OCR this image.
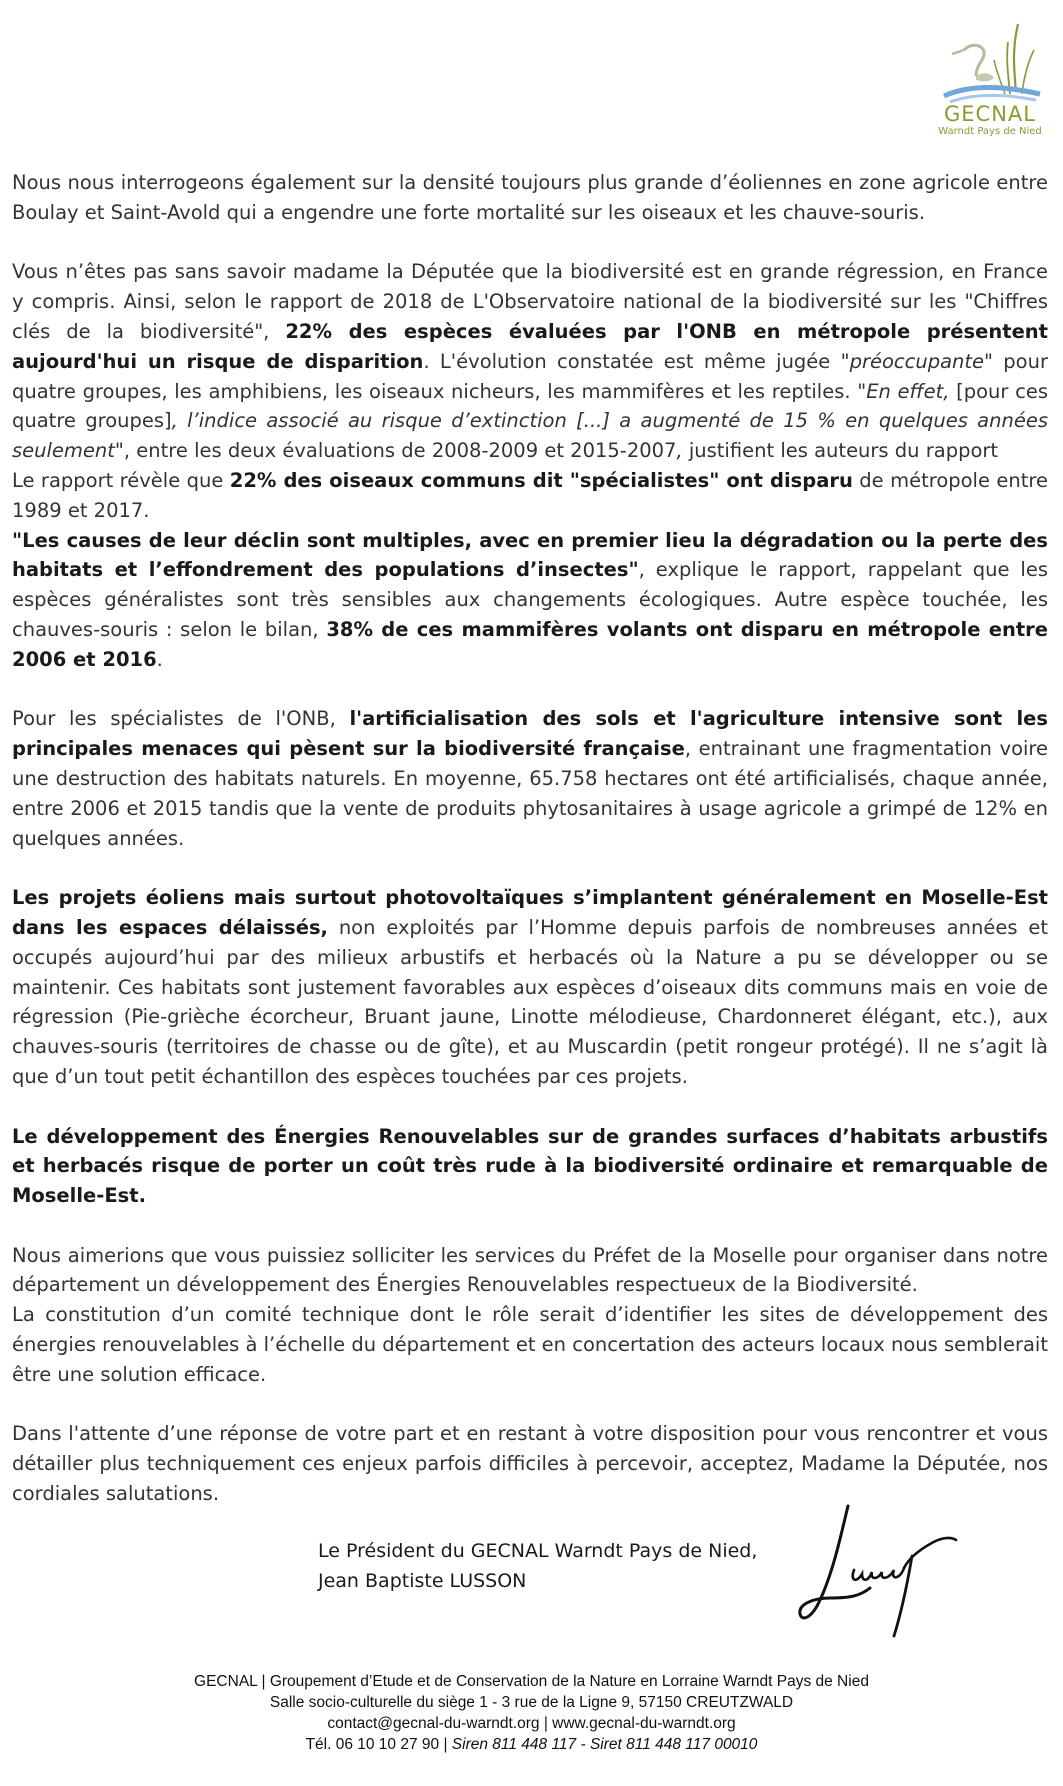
GECNAL
Warndt Pays de Nied

Nous nous interrogeons également sur la densité toujours plus grande d’éoliennes en zone agricole entre Boulay et Saint-Avold qui a engendre une forte mortalité sur les oiseaux et les chauve-souris.

Vous n’êtes pas sans savoir madame la Députée que la biodiversité est en grande régression, en France y compris. Ainsi, selon le rapport de 2018 de L'Observatoire national de la biodiversité sur les "Chiffres clés de la biodiversité", 22% des espèces évaluées par l'ONB en métropole présentent aujourd'hui un risque de disparition. L'évolution constatée est même jugée "préoccupante" pour quatre groupes, les amphibiens, les oiseaux nicheurs, les mammifères et les reptiles. "En effet, [pour ces quatre groupes], l’indice associé au risque d’extinction [...] a augmenté de 15 % en quelques années seulement", entre les deux évaluations de 2008-2009 et 2015-2007, justifient les auteurs du rapport

Le rapport révèle que 22% des oiseaux communs dit "spécialistes" ont disparu de métropole entre 1989 et 2017.

"Les causes de leur déclin sont multiples, avec en premier lieu la dégradation ou la perte des habitats et l’effondrement des populations d’insectes", explique le rapport, rappelant que les espèces généralistes sont très sensibles aux changements écologiques. Autre espèce touchée, les chauves-souris : selon le bilan, 38% de ces mammifères volants ont disparu en métropole entre 2006 et 2016.

Pour les spécialistes de l'ONB, l'artificialisation des sols et l'agriculture intensive sont les principales menaces qui pèsent sur la biodiversité française, entrainant une fragmentation voire une destruction des habitats naturels. En moyenne, 65.758 hectares ont été artificialisés, chaque année, entre 2006 et 2015 tandis que la vente de produits phytosanitaires à usage agricole a grimpé de 12% en quelques années.

Les projets éoliens mais surtout photovoltaïques s’implantent généralement en Moselle-Est dans les espaces délaissés, non exploités par l’Homme depuis parfois de nombreuses années et occupés aujourd’hui par des milieux arbustifs et herbacés où la Nature a pu se développer ou se maintenir. Ces habitats sont justement favorables aux espèces d’oiseaux dits communs mais en voie de régression (Pie-grièche écorcheur, Bruant jaune, Linotte mélodieuse, Chardonneret élégant, etc.), aux chauves-souris (territoires de chasse ou de gîte), et au Muscardin (petit rongeur protégé). Il ne s’agit là que d’un tout petit échantillon des espèces touchées par ces projets.

Le développement des Énergies Renouvelables sur de grandes surfaces d’habitats arbustifs et herbacés risque de porter un coût très rude à la biodiversité ordinaire et remarquable de Moselle-Est.

Nous aimerions que vous puissiez solliciter les services du Préfet de la Moselle pour organiser dans notre département un développement des Énergies Renouvelables respectueux de la Biodiversité.

La constitution d’un comité technique dont le rôle serait d’identifier les sites de développement des énergies renouvelables à l’échelle du département et en concertation des acteurs locaux nous semblerait être une solution efficace.

Dans l'attente d’une réponse de votre part et en restant à votre disposition pour vous rencontrer et vous détailler plus techniquement ces enjeux parfois difficiles à percevoir, acceptez, Madame la Députée, nos cordiales salutations.

Le Président du GECNAL Warndt Pays de Nied,
Jean Baptiste LUSSON
GECNAL | Groupement d’Etude et de Conservation de la Nature en Lorraine Warndt Pays de Nied
Salle socio-culturelle du siège 1 - 3 rue de la Ligne 9, 57150 CREUTZWALD
contact@gecnal-du-warndt.org | www.gecnal-du-warndt.org
Tél. 06 10 10 27 90 | Siren 811 448 117 - Siret 811 448 117 00010
